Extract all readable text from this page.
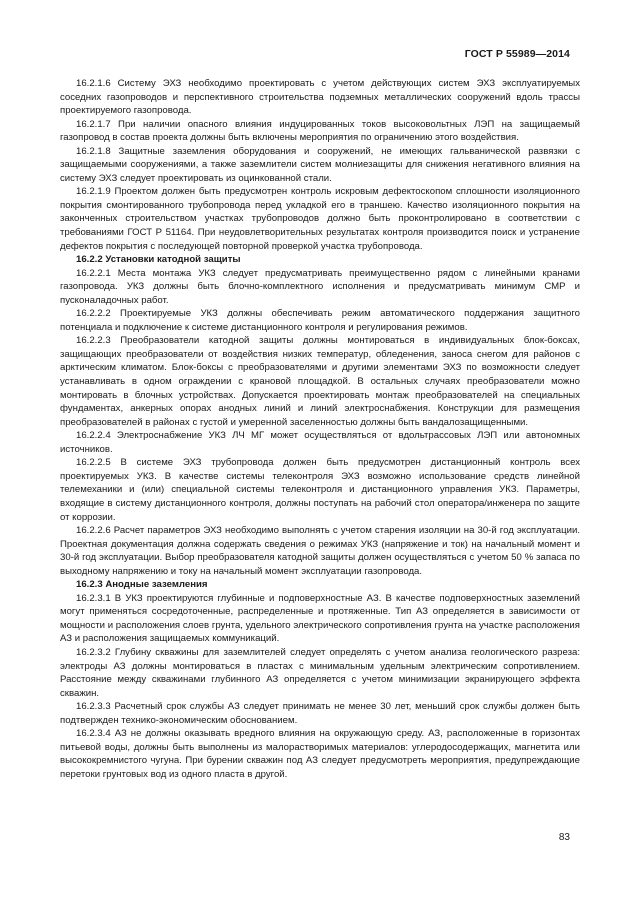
ГОСТ Р 55989—2014

16.2.1.6 Систему ЭХЗ необходимо проектировать с учетом действующих систем ЭХЗ эксплуатируемых соседних газопроводов и перспективного строительства подземных металлических сооружений вдоль трассы проектируемого газопровода.

16.2.1.7 При наличии опасного влияния индуцированных токов высоковольтных ЛЭП на защищаемый газопровод в состав проекта должны быть включены мероприятия по ограничению этого воздействия.

16.2.1.8 Защитные заземления оборудования и сооружений, не имеющих гальванической развязки с защищаемыми сооружениями, а также заземлители систем молниезащиты для снижения негативного влияния на систему ЭХЗ следует проектировать из оцинкованной стали.

16.2.1.9 Проектом должен быть предусмотрен контроль искровым дефектоскопом сплошности изоляционного покрытия смонтированного трубопровода перед укладкой его в траншею. Качество изоляционного покрытия на законченных строительством участках трубопроводов должно быть проконтролировано в соответствии с требованиями ГОСТ Р 51164. При неудовлетворительных результатах контроля производится поиск и устранение дефектов покрытия с последующей повторной проверкой участка трубопровода.

16.2.2 Установки катодной защиты

16.2.2.1 Места монтажа УКЗ следует предусматривать преимущественно рядом с линейными кранами газопровода. УКЗ должны быть блочно-комплектного исполнения и предусматривать минимум СМР и пусконаладочных работ.

16.2.2.2 Проектируемые УКЗ должны обеспечивать режим автоматического поддержания защитного потенциала и подключение к системе дистанционного контроля и регулирования режимов.

16.2.2.3 Преобразователи катодной защиты должны монтироваться в индивидуальных блок-боксах, защищающих преобразователи от воздействия низких температур, обледенения, заноса снегом для районов с арктическим климатом. Блок-боксы с преобразователями и другими элементами ЭХЗ по возможности следует устанавливать в одном ограждении с крановой площадкой. В остальных случаях преобразователи можно монтировать в блочных устройствах. Допускается проектировать монтаж преобразователей на специальных фундаментах, анкерных опорах анодных линий и линий электроснабжения. Конструкции для размещения преобразователей в районах с густой и умеренной заселенностью должны быть вандалозащищенными.

16.2.2.4 Электроснабжение УКЗ ЛЧ МГ может осуществляться от вдольтрассовых ЛЭП или автономных источников.

16.2.2.5 В системе ЭХЗ трубопровода должен быть предусмотрен дистанционный контроль всех проектируемых УКЗ. В качестве системы телеконтроля ЭХЗ возможно использование средств линейной телемеханики и (или) специальной системы телеконтроля и дистанционного управления УКЗ. Параметры, входящие в систему дистанционного контроля, должны поступать на рабочий стол оператора/инженера по защите от коррозии.

16.2.2.6 Расчет параметров ЭХЗ необходимо выполнять с учетом старения изоляции на 30-й год эксплуатации. Проектная документация должна содержать сведения о режимах УКЗ (напряжение и ток) на начальный момент и 30-й год эксплуатации. Выбор преобразователя катодной защиты должен осуществляться с учетом 50 % запаса по выходному напряжению и току на начальный момент эксплуатации газопровода.

16.2.3 Анодные заземления

16.2.3.1 В УКЗ проектируются глубинные и подповерхностные АЗ. В качестве подповерхностных заземлений могут применяться сосредоточенные, распределенные и протяженные. Тип АЗ определяется в зависимости от мощности и расположения слоев грунта, удельного электрического сопротивления грунта на участке расположения АЗ и расположения защищаемых коммуникаций.

16.2.3.2 Глубину скважины для заземлителей следует определять с учетом анализа геологического разреза: электроды АЗ должны монтироваться в пластах с минимальным удельным электрическим сопротивлением. Расстояние между скважинами глубинного АЗ определяется с учетом минимизации экранирующего эффекта скважин.

16.2.3.3 Расчетный срок службы АЗ следует принимать не менее 30 лет, меньший срок службы должен быть подтвержден технико-экономическим обоснованием.

16.2.3.4 АЗ не должны оказывать вредного влияния на окружающую среду. АЗ, расположенные в горизонтах питьевой воды, должны быть выполнены из малорастворимых материалов: углеродосодержащих, магнетита или высококремнистого чугуна. При бурении скважин под АЗ следует предусмотреть мероприятия, предупреждающие перетоки грунтовых вод из одного пласта в другой.

83
